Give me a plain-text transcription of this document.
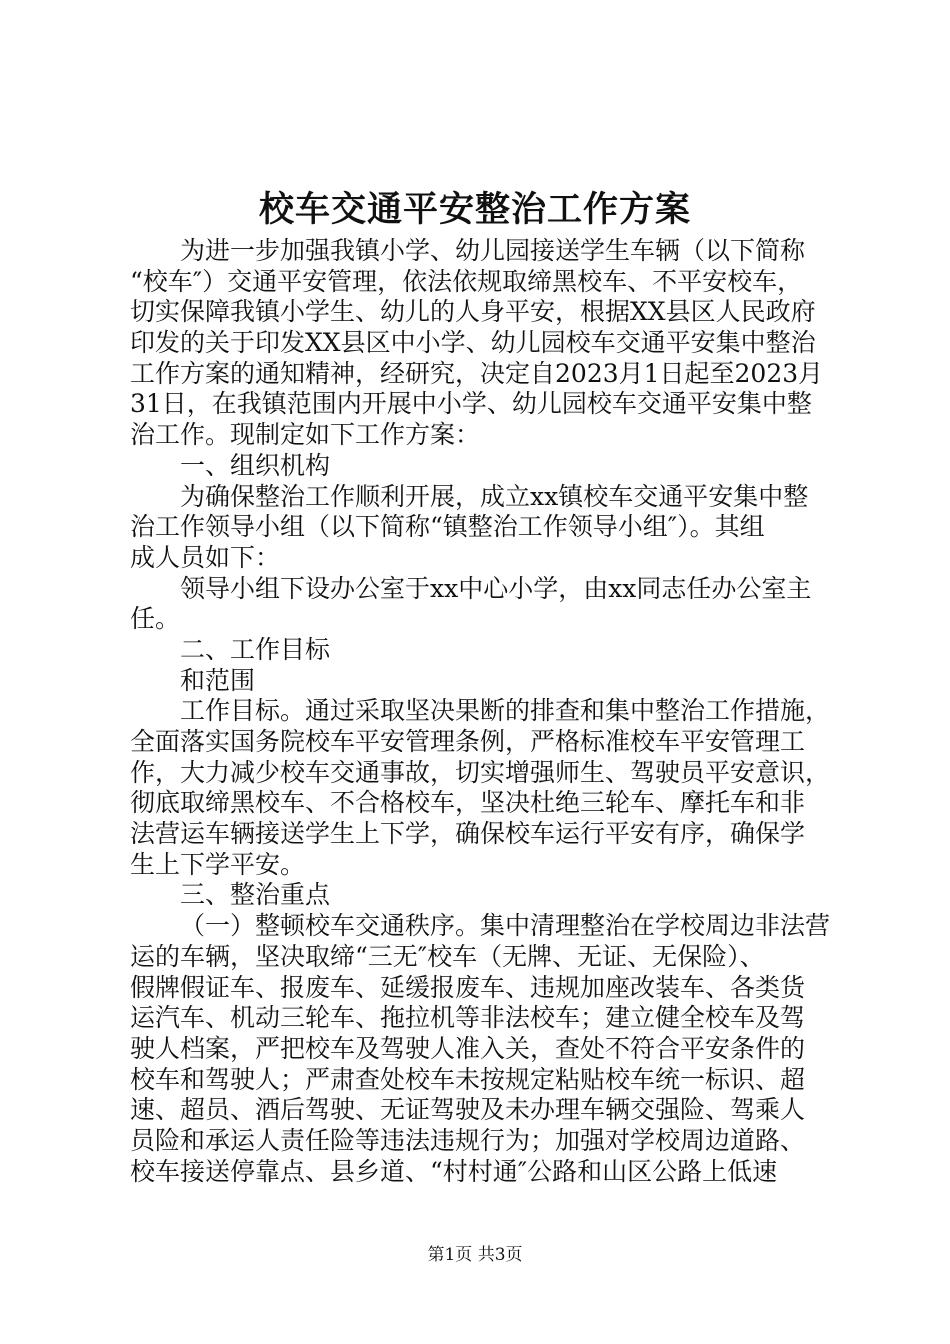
校车交通平安整治工作方案
为进一步加强我镇小学、幼儿园接送学生车辆（以下简称
“校车″）交通平安管理，依法依规取缔黑校车、不平安校车，
切实保障我镇小学生、幼儿的人身平安，根据XX县区人民政府
印发的关于印发XX县区中小学、幼儿园校车交通平安集中整治
工作方案的通知精神，经研究，决定自2023月1日起至2023月
31日，在我镇范围内开展中小学、幼儿园校车交通平安集中整
治工作。现制定如下工作方案：
一、组织机构
为确保整治工作顺利开展，成立xx镇校车交通平安集中整
治工作领导小组（以下简称“镇整治工作领导小组″）。其组
成人员如下：
领导小组下设办公室于xx中心小学，由xx同志任办公室主
任。
二、工作目标
和范围
工作目标。通过采取坚决果断的排查和集中整治工作措施，
全面落实国务院校车平安管理条例，严格标准校车平安管理工
作，大力减少校车交通事故，切实增强师生、驾驶员平安意识，
彻底取缔黑校车、不合格校车，坚决杜绝三轮车、摩托车和非
法营运车辆接送学生上下学，确保校车运行平安有序，确保学
生上下学平安。
三、整治重点
（一）整顿校车交通秩序。集中清理整治在学校周边非法营
运的车辆，坚决取缔“三无″校车（无牌、无证、无保险）、
假牌假证车、报废车、延缓报废车、违规加座改装车、各类货
运汽车、机动三轮车、拖拉机等非法校车；建立健全校车及驾
驶人档案，严把校车及驾驶人准入关，查处不符合平安条件的
校车和驾驶人；严肃查处校车未按规定粘贴校车统一标识、超
速、超员、酒后驾驶、无证驾驶及未办理车辆交强险、驾乘人
员险和承运人责任险等违法违规行为；加强对学校周边道路、
校车接送停靠点、县乡道、“村村通″公路和山区公路上低速
第1页 共3页
